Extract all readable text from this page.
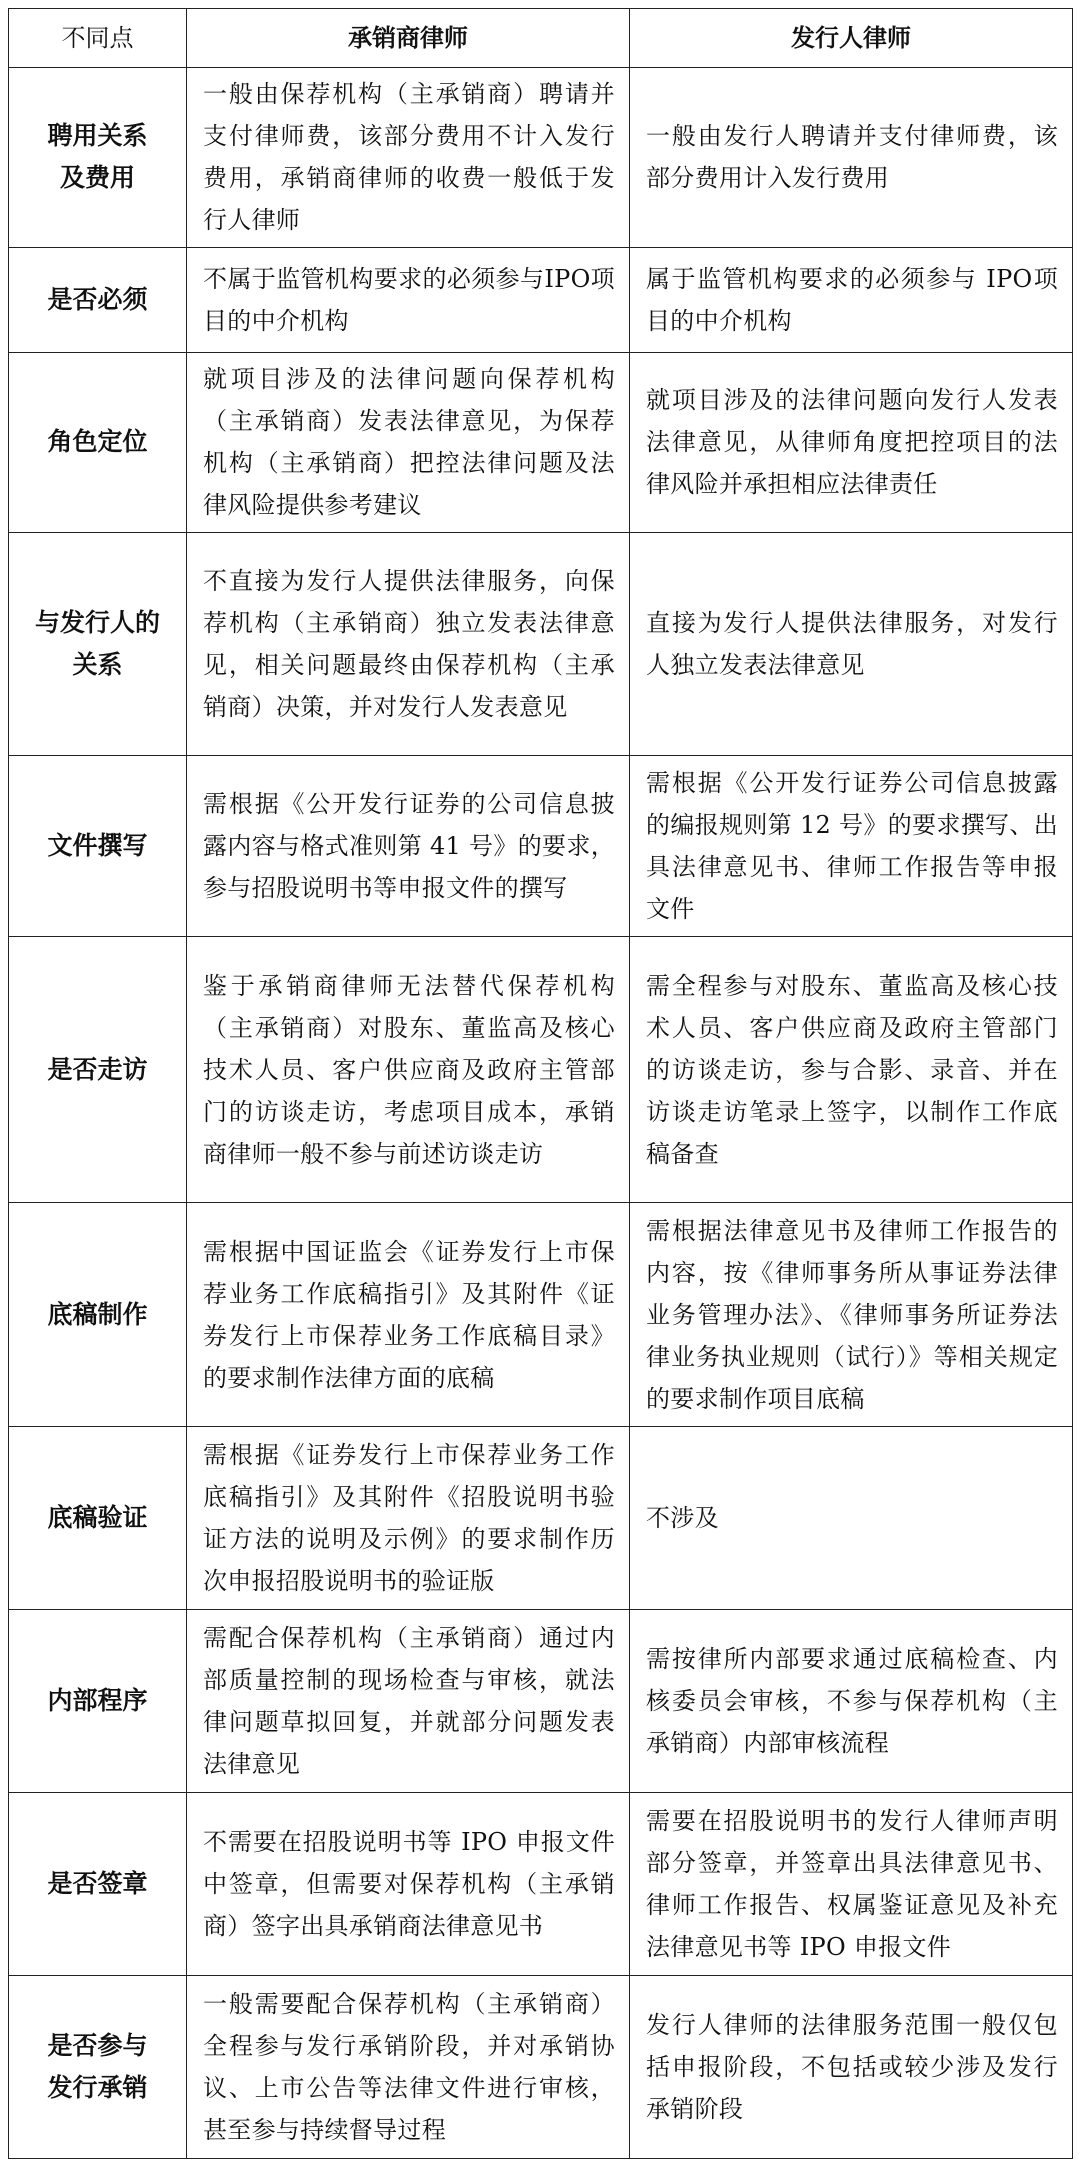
不同点	承销商律师	发行人律师
聘用关系及费用	一般由保荐机构（主承销商）聘请并支付律师费，该部分费用不计入发行费用，承销商律师的收费一般低于发行人律师	一般由发行人聘请并支付律师费，该部分费用计入发行费用
是否必须	不属于监管机构要求的必须参与IPO项目的中介机构	属于监管机构要求的必须参与 IPO项目的中介机构
角色定位	就项目涉及的法律问题向保荐机构（主承销商）发表法律意见，为保荐机构（主承销商）把控法律问题及法律风险提供参考建议	就项目涉及的法律问题向发行人发表法律意见，从律师角度把控项目的法律风险并承担相应法律责任
与发行人的关系	不直接为发行人提供法律服务，向保荐机构（主承销商）独立发表法律意见，相关问题最终由保荐机构（主承销商）决策，并对发行人发表意见	直接为发行人提供法律服务，对发行人独立发表法律意见
文件撰写	需根据《公开发行证券的公司信息披露内容与格式准则第 41 号》的要求，参与招股说明书等申报文件的撰写	需根据《公开发行证券公司信息披露的编报规则第 12 号》的要求撰写、出具法律意见书、律师工作报告等申报文件
是否走访	鉴于承销商律师无法替代保荐机构（主承销商）对股东、董监高及核心技术人员、客户供应商及政府主管部门的访谈走访，考虑项目成本，承销商律师一般不参与前述访谈走访	需全程参与对股东、董监高及核心技术人员、客户供应商及政府主管部门的访谈走访，参与合影、录音、并在访谈走访笔录上签字，以制作工作底稿备查
底稿制作	需根据中国证监会《证券发行上市保荐业务工作底稿指引》及其附件《证券发行上市保荐业务工作底稿目录》的要求制作法律方面的底稿	需根据法律意见书及律师工作报告的内容，按《律师事务所从事证券法律业务管理办法》、《律师事务所证券法律业务执业规则（试行）》等相关规定的要求制作项目底稿
底稿验证	需根据《证券发行上市保荐业务工作底稿指引》及其附件《招股说明书验证方法的说明及示例》的要求制作历次申报招股说明书的验证版	不涉及
内部程序	需配合保荐机构（主承销商）通过内部质量控制的现场检查与审核，就法律问题草拟回复，并就部分问题发表法律意见	需按律所内部要求通过底稿检查、内核委员会审核，不参与保荐机构（主承销商）内部审核流程
是否签章	不需要在招股说明书等 IPO 申报文件中签章，但需要对保荐机构（主承销商）签字出具承销商法律意见书	需要在招股说明书的发行人律师声明部分签章，并签章出具法律意见书、律师工作报告、权属鉴证意见及补充法律意见书等 IPO 申报文件
是否参与发行承销	一般需要配合保荐机构（主承销商）全程参与发行承销阶段，并对承销协议、上市公告等法律文件进行审核，甚至参与持续督导过程	发行人律师的法律服务范围一般仅包括申报阶段，不包括或较少涉及发行承销阶段
